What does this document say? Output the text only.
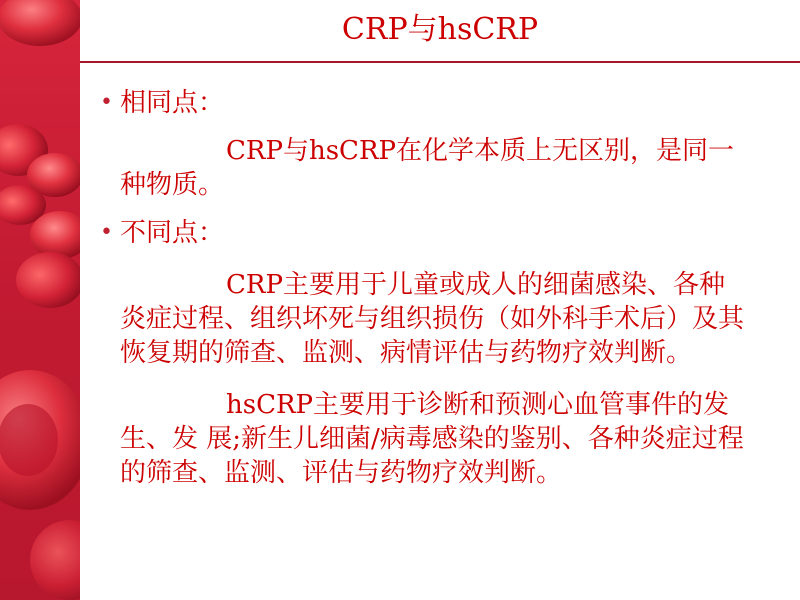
CRP与hsCRP

• 相同点：

CRP与hsCRP在化学本质上无区别，是同一 种物质。

• 不同点：

CRP主要用于儿童或成人的细菌感染、各种炎症过程、组织坏死与组织损伤（如外科手术后）及其恢复期的筛查、监测、病情评估与药物疗效判断。

hsCRP主要用于诊断和预测心血管事件的发生、发 展;新生儿细菌/病毒感染的鉴别、各种炎症过程的筛查、监测、评估与药物疗效判断。
